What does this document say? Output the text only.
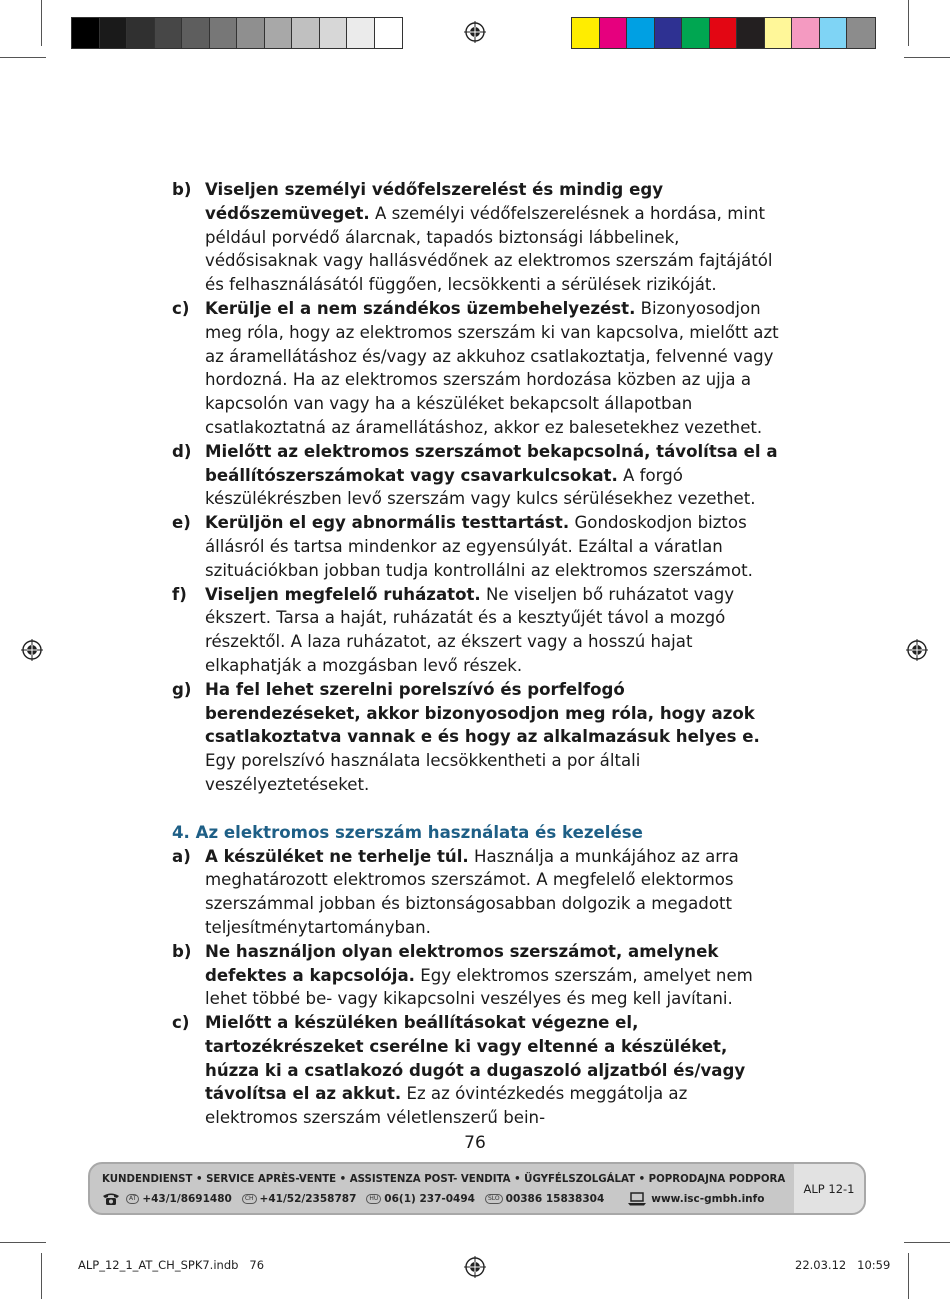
b) Viseljen személyi védőfelszerelést és mindig egy védőszemüveget. A személyi védőfelszerelésnek a hordása, mint például porvédő álarcnak, tapadós biztonsági lábbelinek, védősisaknak vagy hallásvédőnek az elektromos szerszám fajtájától és felhasználásától függően, lecsökkenti a sérülések rizikóját.
c) Kerülje el a nem szándékos üzembehelyezést. Bizonyosodjon meg róla, hogy az elektromos szerszám ki van kapcsolva, mielőtt azt az áramellátáshoz és/vagy az akkuhoz csatlakoztatja, felvenné vagy hordozná. Ha az elektromos szerszám hordozása közben az ujja a kapcsolón van vagy ha a készüléket bekapcsolt állapotban csatlakoztatná az áramellátáshoz, akkor ez balesetekhez vezethet.
d) Mielőtt az elektromos szerszámot bekapcsolná, távolítsa el a beállítószerszámokat vagy csavarkulcsokat. A forgó készülékrészben levő szerszám vagy kulcs sérülésekhez vezethet.
e) Kerüljön el egy abnormális testtartást. Gondoskodjon biztos állásról és tartsa mindenkor az egyensúlyát. Ezáltal a váratlan szituációkban jobban tudja kontrollálni az elektromos szerszámot.
f) Viseljen megfelelő ruházatot. Ne viseljen bő ruházatot vagy ékszert. Tarsa a haját, ruházatát és a kesztyűjét távol a mozgó részektől. A laza ruházatot, az ékszert vagy a hosszú hajat elkaphatják a mozgásban levő részek.
g) Ha fel lehet szerelni porelszívó és porfelfogó berendezéseket, akkor bizonyosodjon meg róla, hogy azok csatlakoztatva vannak e és hogy az alkalmazásuk helyes e. Egy porelszívó használata lecsökkentheti a por általi veszélyeztetéseket.
4. Az elektromos szerszám használata és kezelése
a) A készüléket ne terhelje túl. Használja a munkájához az arra meghatározott elektromos szerszámot. A megfelelő elektormos szerszámmal jobban és biztonságosabban dolgozik a megadott teljesítménytartományban.
b) Ne használjon olyan elektromos szerszámot, amelynek defektes a kapcsolója. Egy elektromos szerszám, amelyet nem lehet többé be- vagy kikapcsolni veszélyes és meg kell javítani.
c) Mielőtt a készüléken beállításokat végezne el, tartozékrészeket cserélne ki vagy eltenné a készüléket, húzza ki a csatlakozó dugót a dugaszoló aljzatból és/vagy távolítsa el az akkut. Ez az óvintézkedés meggátolja az elektromos szerszám véletlenszerű bein-
76
KUNDENDIENST • SERVICE APRÈS-VENTE • ASSISTENZA POST- VENDITA • ÜGYFÉLSZOLGÁLAT • POPRODAJNA PODPORA
AT +43/1/8691480	CH +41/52/2358787	HU 06(1) 237-0494	SLO 00386 15838304	www.isc-gmbh.info
ALP 12-1
ALP_12_1_AT_CH_SPK7.indb   76	22.03.12   10:59
